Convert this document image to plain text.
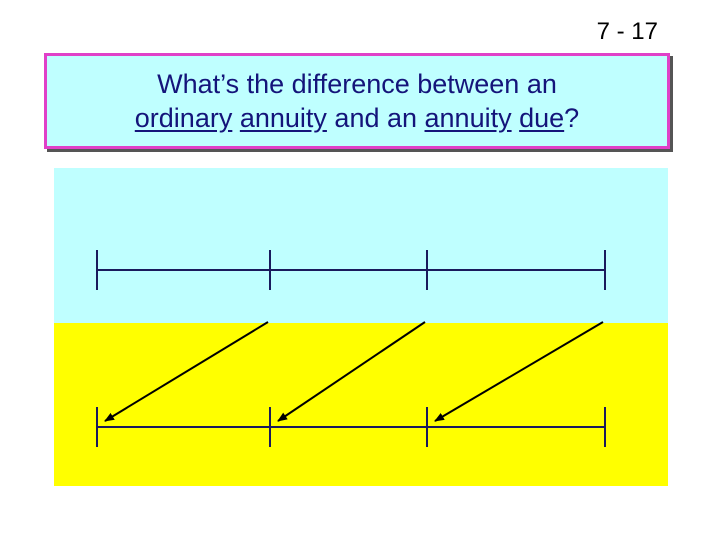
7 - 17
What’s the difference between an
ordinary annuity and an annuity due?
